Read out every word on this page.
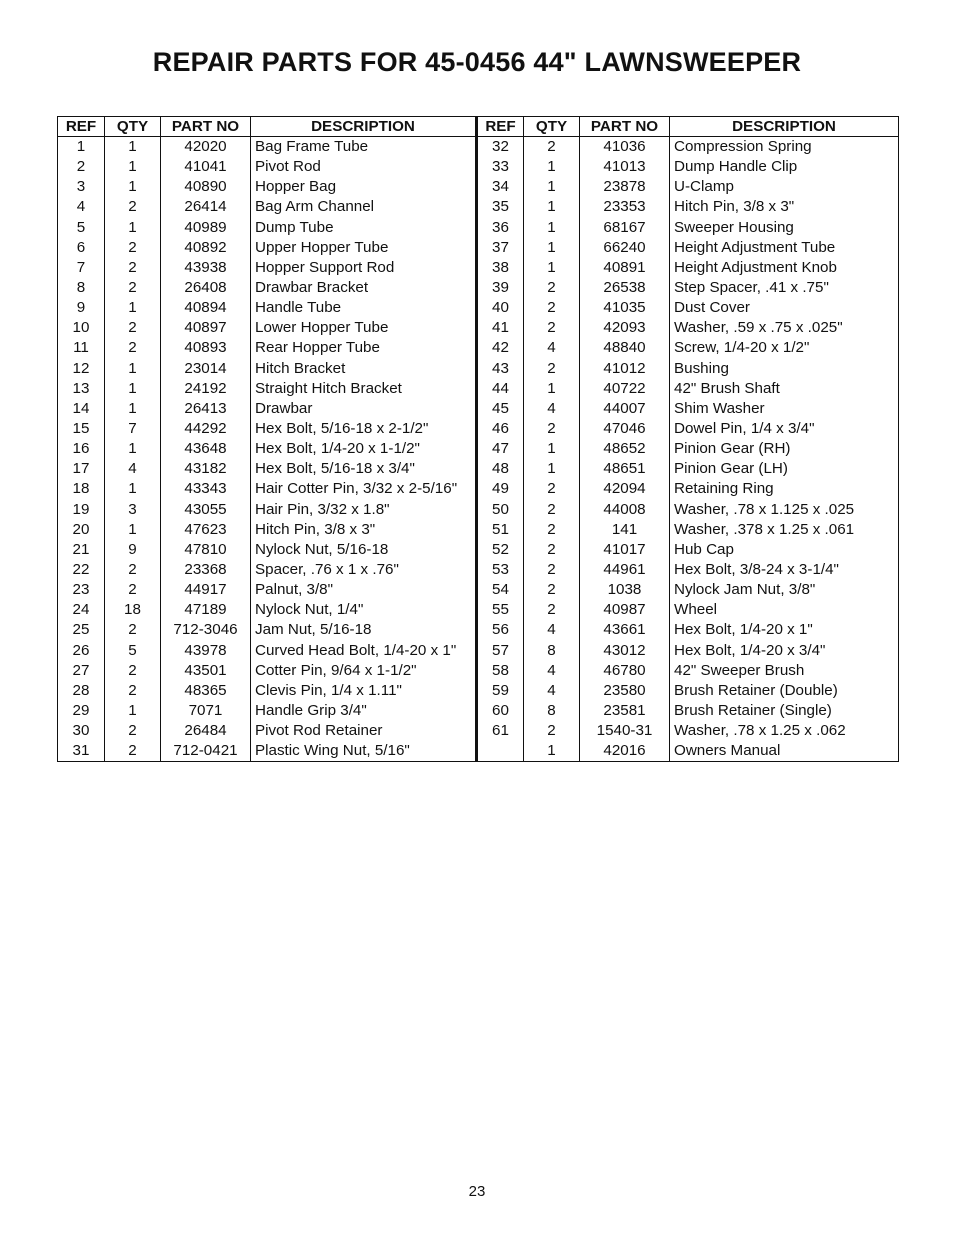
REPAIR PARTS FOR 45-0456 44" LAWNSWEEPER
REF	QTY	PART NO	DESCRIPTION	REF	QTY	PART NO	DESCRIPTION
1	1	42020	Bag Frame Tube	32	2	41036	Compression Spring
2	1	41041	Pivot Rod	33	1	41013	Dump Handle Clip
3	1	40890	Hopper Bag	34	1	23878	U-Clamp
4	2	26414	Bag Arm Channel	35	1	23353	Hitch Pin, 3/8 x 3"
5	1	40989	Dump Tube	36	1	68167	Sweeper Housing
6	2	40892	Upper Hopper Tube	37	1	66240	Height Adjustment Tube
7	2	43938	Hopper Support Rod	38	1	40891	Height Adjustment Knob
8	2	26408	Drawbar Bracket	39	2	26538	Step Spacer, .41 x .75"
9	1	40894	Handle Tube	40	2	41035	Dust Cover
10	2	40897	Lower Hopper Tube	41	2	42093	Washer, .59 x .75 x .025"
11	2	40893	Rear Hopper Tube	42	4	48840	Screw, 1/4-20 x 1/2"
12	1	23014	Hitch Bracket	43	2	41012	Bushing
13	1	24192	Straight Hitch Bracket	44	1	40722	42" Brush Shaft
14	1	26413	Drawbar	45	4	44007	Shim Washer
15	7	44292	Hex Bolt, 5/16-18 x 2-1/2"	46	2	47046	Dowel Pin, 1/4 x 3/4"
16	1	43648	Hex Bolt, 1/4-20 x 1-1/2"	47	1	48652	Pinion Gear (RH)
17	4	43182	Hex Bolt, 5/16-18 x 3/4"	48	1	48651	Pinion Gear (LH)
18	1	43343	Hair Cotter Pin, 3/32 x 2-5/16"	49	2	42094	Retaining Ring
19	3	43055	Hair Pin, 3/32 x 1.8"	50	2	44008	Washer, .78 x 1.125 x .025
20	1	47623	Hitch Pin, 3/8 x 3"	51	2	141	Washer, .378 x 1.25 x .061
21	9	47810	Nylock Nut, 5/16-18	52	2	41017	Hub Cap
22	2	23368	Spacer, .76 x 1 x .76"	53	2	44961	Hex Bolt, 3/8-24 x 3-1/4"
23	2	44917	Palnut, 3/8"	54	2	1038	Nylock Jam Nut, 3/8"
24	18	47189	Nylock Nut, 1/4"	55	2	40987	Wheel
25	2	712-3046	Jam Nut, 5/16-18	56	4	43661	Hex Bolt, 1/4-20 x 1"
26	5	43978	Curved Head Bolt, 1/4-20 x 1"	57	8	43012	Hex Bolt, 1/4-20 x 3/4"
27	2	43501	Cotter Pin, 9/64 x 1-1/2"	58	4	46780	42" Sweeper Brush
28	2	48365	Clevis Pin, 1/4 x 1.11"	59	4	23580	Brush Retainer (Double)
29	1	7071	Handle Grip 3/4"	60	8	23581	Brush Retainer (Single)
30	2	26484	Pivot Rod Retainer	61	2	1540-31	Washer, .78 x 1.25 x .062
31	2	712-0421	Plastic Wing Nut, 5/16"		1	42016	Owners Manual
23
